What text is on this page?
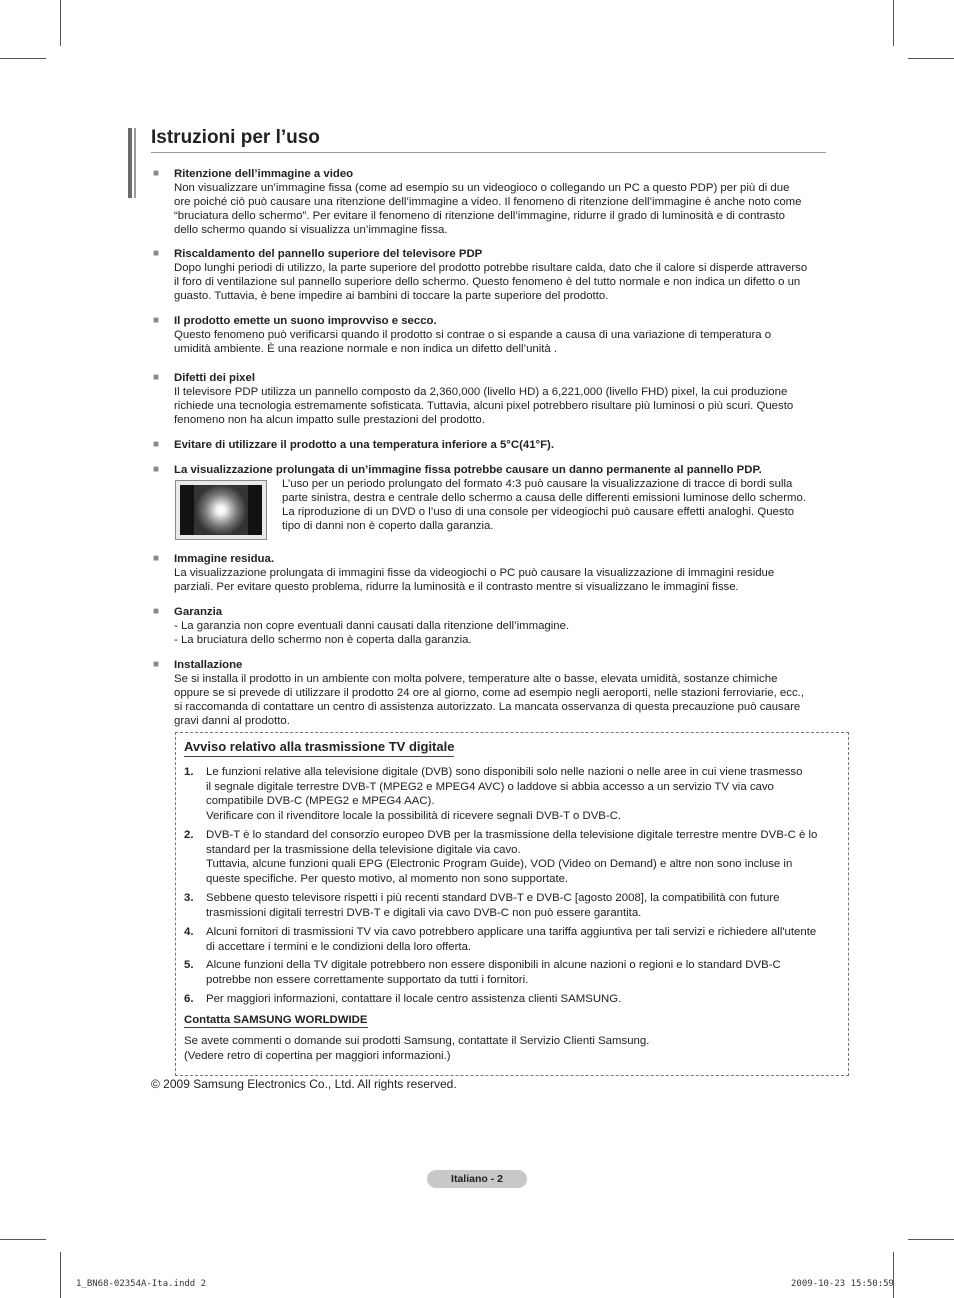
Istruzioni per l’uso
■ Ritenzione dell’immagine a video

Non visualizzare un’immagine fissa (come ad esempio su un videogioco o collegando un PC a questo PDP) per più di due

ore poiché ciò può causare una ritenzione dell’immagine a video. Il fenomeno di ritenzione dell’immagine è anche noto come

“bruciatura dello schermo”. Per evitare il fenomeno di ritenzione dell’immagine, ridurre il grado di luminosità e di contrasto

dello schermo quando si visualizza un’immagine fissa.

■ Riscaldamento del pannello superiore del televisore PDP

Dopo lunghi periodi di utilizzo, la parte superiore del prodotto potrebbe risultare calda, dato che il calore si disperde attraverso

il foro di ventilazione sul pannello superiore dello schermo. Questo fenomeno è del tutto normale e non indica un difetto o un

guasto. Tuttavia, è bene impedire ai bambini di toccare la parte superiore del prodotto.

■ Il prodotto emette un suono improvviso e secco.

Questo fenomeno può verificarsi quando il prodotto si contrae o si espande a causa di una variazione di temperatura o

umidità ambiente. È una reazione normale e non indica un difetto dell’unità .

■ Difetti dei pixel

Il televisore PDP utilizza un pannello composto da 2,360,000 (livello HD) a 6,221,000 (livello FHD) pixel, la cui produzione

richiede una tecnologia estremamente sofisticata. Tuttavia, alcuni pixel potrebbero risultare più luminosi o più scuri. Questo

fenomeno non ha alcun impatto sulle prestazioni del prodotto.

■ Evitare di utilizzare il prodotto a una temperatura inferiore a 5°C(41°F).
■ La visualizzazione prolungata di un’immagine fissa potrebbe causare un danno permanente al pannello PDP.

L’uso per un periodo prolungato del formato 4:3 può causare la visualizzazione di tracce di bordi sulla

parte sinistra, destra e centrale dello schermo a causa delle differenti emissioni luminose dello schermo.

La riproduzione di un DVD o l’uso di una console per videogiochi può causare effetti analoghi. Questo

tipo di danni non è coperto dalla garanzia.

■ Immagine residua.

La visualizzazione prolungata di immagini fisse da videogiochi o PC può causare la visualizzazione di immagini residue

parziali. Per evitare questo problema, ridurre la luminosità e il contrasto mentre si visualizzano le immagini fisse.

■ Garanzia

- La garanzia non copre eventuali danni causati dalla ritenzione dell’immagine.

- La bruciatura dello schermo non è coperta dalla garanzia.

■ Installazione

Se si installa il prodotto in un ambiente con molta polvere, temperature alte o basse, elevata umidità, sostanze chimiche

oppure se si prevede di utilizzare il prodotto 24 ore al giorno, come ad esempio negli aeroporti, nelle stazioni ferroviarie, ecc.,

si raccomanda di contattare un centro di assistenza autorizzato. La mancata osservanza di questa precauzione può causare

gravi danni al prodotto.

Avviso relativo alla trasmissione TV digitale
1. Le funzioni relative alla televisione digitale (DVB) sono disponibili solo nelle nazioni o nelle aree in cui viene trasmesso

il segnale digitale terrestre DVB-T (MPEG2 e MPEG4 AVC) o laddove si abbia accesso a un servizio TV via cavo

compatibile DVB-C (MPEG2 e MPEG4 AAC).

Verificare con il rivenditore locale la possibilità di ricevere segnali DVB-T o DVB-C.

2. DVB-T è lo standard del consorzio europeo DVB per la trasmissione della televisione digitale terrestre mentre DVB-C è lo

standard per la trasmissione della televisione digitale via cavo.

Tuttavia, alcune funzioni quali EPG (Electronic Program Guide), VOD (Video on Demand) e altre non sono incluse in

queste specifiche. Per questo motivo, al momento non sono supportate.

3. Sebbene questo televisore rispetti i più recenti standard DVB-T e DVB-C [agosto 2008], la compatibilità con future

trasmissioni digitali terrestri DVB-T e digitali via cavo DVB-C non può essere garantita.

4. Alcuni fornitori di trasmissioni TV via cavo potrebbero applicare una tariffa aggiuntiva per tali servizi e richiedere all'utente

di accettare i termini e le condizioni della loro offerta.

5. Alcune funzioni della TV digitale potrebbero non essere disponibili in alcune nazioni o regioni e lo standard DVB-C

potrebbe non essere correttamente supportato da tutti i fornitori.

6. Per maggiori informazioni, contattare il locale centro assistenza clienti SAMSUNG.

Contatta SAMSUNG WORLDWIDE

Se avete commenti o domande sui prodotti Samsung, contattate il Servizio Clienti Samsung.

(Vedere retro di copertina per maggiori informazioni.)

© 2009 Samsung Electronics Co., Ltd. All rights reserved.
Italiano - 2
1_BN68-02354A-Ita.indd 2	2009-10-23 15:50:59
